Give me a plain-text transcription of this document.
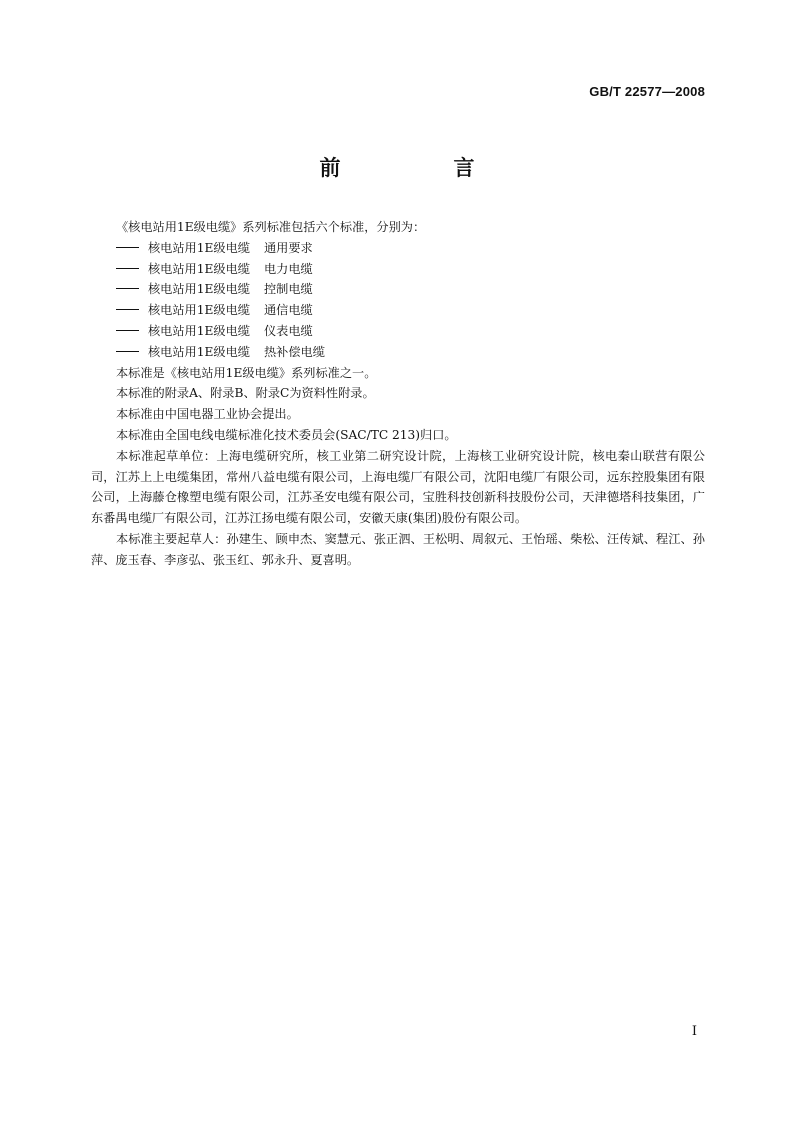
GB/T 22577—2008
前　言

《核电站用1E级电缆》系列标准包括六个标准，分别为：

核电站用1E级电缆 通用要求
核电站用1E级电缆 电力电缆
核电站用1E级电缆 控制电缆
核电站用1E级电缆 通信电缆
核电站用1E级电缆 仪表电缆
核电站用1E级电缆 热补偿电缆

本标准是《核电站用1E级电缆》系列标准之一。

本标准的附录A、附录B、附录C为资料性附录。

本标准由中国电器工业协会提出。

本标准由全国电线电缆标准化技术委员会(SAC/TC 213)归口。

本标准起草单位：上海电缆研究所，核工业第二研究设计院，上海核工业研究设计院，核电秦山联营有限公司，江苏上上电缆集团，常州八益电缆有限公司，上海电缆厂有限公司，沈阳电缆厂有限公司，远东控股集团有限公司，上海藤仓橡塑电缆有限公司，江苏圣安电缆有限公司，宝胜科技创新科技股份公司，天津德塔科技集团，广东番禺电缆厂有限公司，江苏江扬电缆有限公司，安徽天康(集团)股份有限公司。

本标准主要起草人：孙建生、顾申杰、窦慧元、张正泗、王松明、周叙元、王怡瑶、柴松、汪传斌、程江、孙萍、庞玉春、李彦弘、张玉红、郭永升、夏喜明。

I
